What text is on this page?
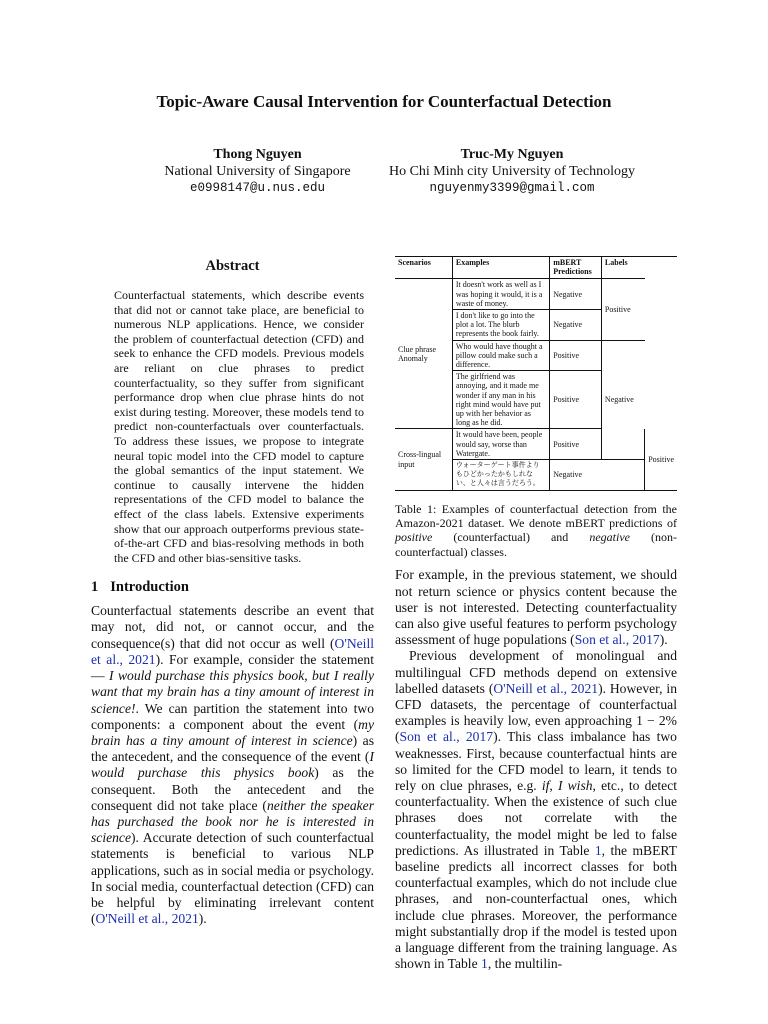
Topic-Aware Causal Intervention for Counterfactual Detection
Thong Nguyen
National University of Singapore
e0998147@u.nus.edu
Truc-My Nguyen
Ho Chi Minh city University of Technology
nguyenmy3399@gmail.com
Abstract
Counterfactual statements, which describe events that did not or cannot take place, are beneficial to numerous NLP applications. Hence, we consider the problem of counterfactual detection (CFD) and seek to enhance the CFD models. Previous models are reliant on clue phrases to predict counterfactuality, so they suffer from significant performance drop when clue phrase hints do not exist during testing. Moreover, these models tend to predict non-counterfactuals over counterfactuals. To address these issues, we propose to integrate neural topic model into the CFD model to capture the global semantics of the input statement. We continue to causally intervene the hidden representations of the CFD model to balance the effect of the class labels. Extensive experiments show that our approach outperforms previous state-of-the-art CFD and bias-resolving methods in both the CFD and other bias-sensitive tasks.
1 Introduction

Counterfactual statements describe an event that may not, did not, or cannot occur, and the consequence(s) that did not occur as well (O'Neill et al., 2021). For example, consider the statement — I would purchase this physics book, but I really want that my brain has a tiny amount of interest in science!. We can partition the statement into two components: a component about the event (my brain has a tiny amount of interest in science) as the antecedent, and the consequence of the event (I would purchase this physics book) as the consequent. Both the antecedent and the consequent did not take place (neither the speaker has purchased the book nor he is interested in science). Accurate detection of such counterfactual statements is beneficial to various NLP applications, such as in social media or psychology. In social media, counterfactual detection (CFD) can be helpful by eliminating irrelevant content (O'Neill et al., 2021).

Scenarios	Examples	mBERT Predictions	Labels	
Clue phrase Anomaly	It doesn't work as well as I was hoping it would, it is a waste of money.	Negative	Positive	
	I don't like to go into the plot a lot. The blurb represents the book fairly.	Negative		
	Who would have thought a pillow could make such a difference.	Positive	Negative	
	The girlfriend was annoying, and it made me wonder if any man in his right mind would have put up with her behavior as long as he did.	Positive		
Cross-lingual input	It would have been, people would say, worse than Watergate.	Positive		Positive
	ウォーターゲート事件よりもひどかったかもしれない、と人々は言うだろう。	Negative		
Table 1: Examples of counterfactual detection from the Amazon-2021 dataset. We denote mBERT predictions of positive (counterfactual) and negative (non-counterfactual) classes.

For example, in the previous statement, we should not return science or physics content because the user is not interested. Detecting counterfactuality can also give useful features to perform psychology assessment of huge populations (Son et al., 2017).

Previous development of monolingual and multilingual CFD methods depend on extensive labelled datasets (O'Neill et al., 2021). However, in CFD datasets, the percentage of counterfactual examples is heavily low, even approaching 1 − 2% (Son et al., 2017). This class imbalance has two weaknesses. First, because counterfactual hints are so limited for the CFD model to learn, it tends to rely on clue phrases, e.g. if, I wish, etc., to detect counterfactuality. When the existence of such clue phrases does not correlate with the counterfactuality, the model might be led to false predictions. As illustrated in Table 1, the mBERT baseline predicts all incorrect classes for both counterfactual examples, which do not include clue phrases, and non-counterfactual ones, which include clue phrases. Moreover, the performance might substantially drop if the model is tested upon a language different from the training language. As shown in Table 1, the multilin-
